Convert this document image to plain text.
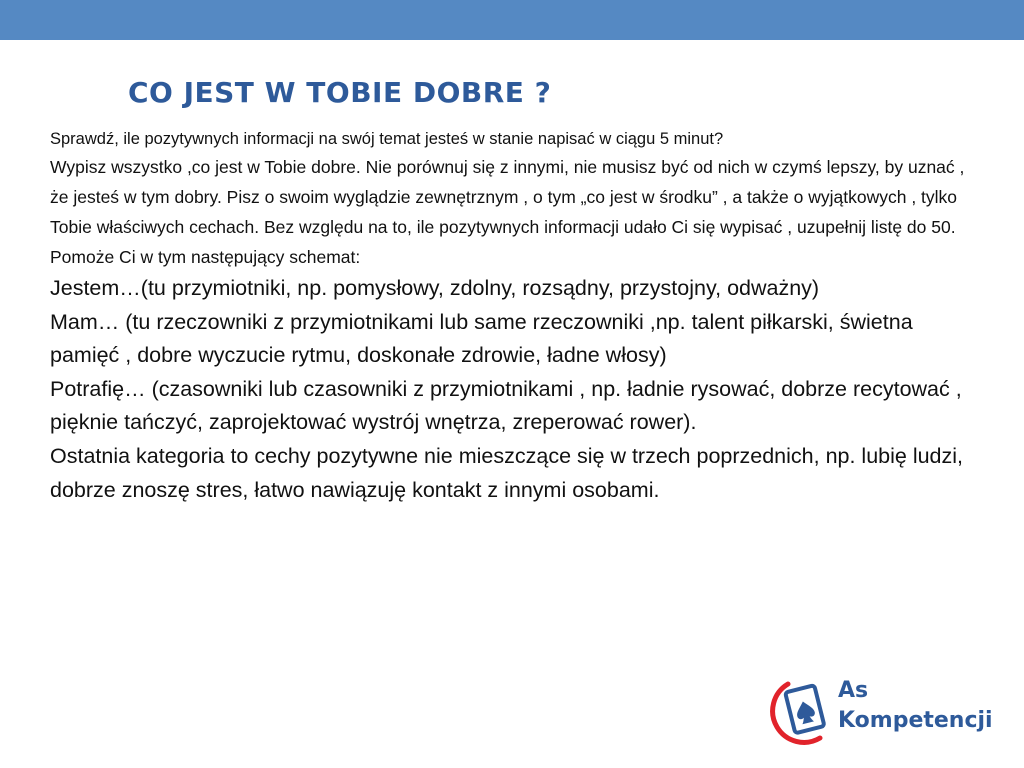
CO JEST W TOBIE DOBRE ?

Sprawdź, ile pozytywnych informacji na swój temat jesteś w stanie napisać w ciągu 5 minut?

Wypisz wszystko ,co jest w Tobie dobre. Nie porównuj się z innymi, nie musisz być od nich w czymś lepszy, by uznać , że jesteś w tym dobry. Pisz o swoim wyglądzie zewnętrznym , o tym „co jest w środku” , a także o wyjątkowych , tylko Tobie właściwych cechach. Bez względu na to, ile pozytywnych informacji udało Ci się wypisać , uzupełnij listę do 50.

Pomoże Ci w tym następujący schemat:

Jestem…(tu przymiotniki, np. pomysłowy, zdolny, rozsądny, przystojny, odważny)

Mam… (tu rzeczowniki z przymiotnikami lub same rzeczowniki ,np. talent piłkarski, świetna pamięć , dobre wyczucie rytmu, doskonałe zdrowie, ładne włosy)

Potrafię… (czasowniki lub czasowniki z przymiotnikami , np. ładnie rysować, dobrze recytować , pięknie tańczyć, zaprojektować wystrój wnętrza, zreperować rower).

Ostatnia kategoria to cechy pozytywne nie mieszczące się w trzech poprzednich, np. lubię ludzi, dobrze znoszę stres, łatwo nawiązuję kontakt z innymi osobami.

As
Kompetencji
